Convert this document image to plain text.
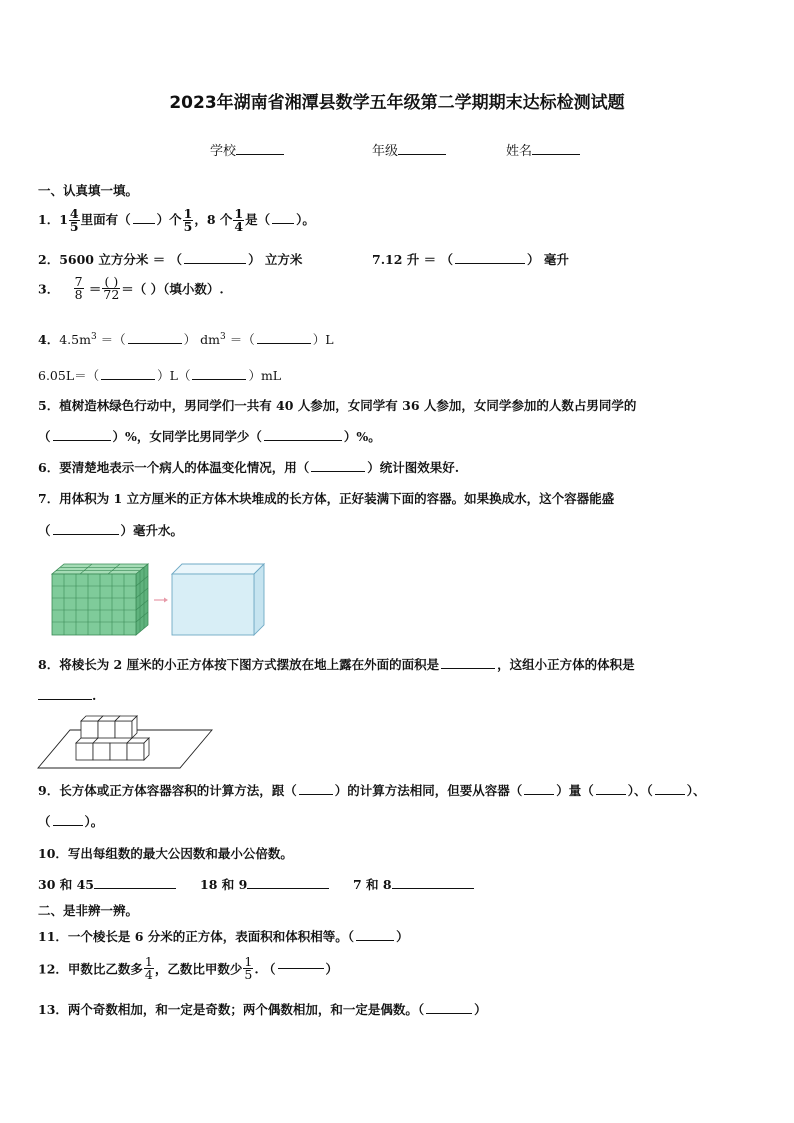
2023年湖南省湘潭县数学五年级第二学期期末达标检测试题
学校	年级	姓名
一、认真填一填。
1．$1 \frac{4}{5}$ 里面有（ ）个 $\frac{1}{5}$ ，8 个 $\frac{1}{4}$ 是（ ）。
2．5600 立方分米 ＝ （	） 立方米	7.12 升 ＝ （	） 毫升
3． $\frac{7}{8} = \frac{( )}{72}$ ＝（ ）（填小数）.
4．$4.5m^3$ ＝（	） $dm^3$ ＝（	）L
6.05L＝（	）L（	）mL
5．植树造林绿色行动中，男同学们一共有 40 人参加，女同学有 36 人参加，女同学参加的人数占男同学的
（	）%，女同学比男同学少（	）%。
6．要清楚地表示一个病人的体温变化情况，用（	）统计图效果好.
7．用体积为 1 立方厘米的正方体木块堆成的长方体，正好装满下面的容器。如果换成水，这个容器能盛
（	）毫升水。
8．将棱长为 2 厘米的小正方体按下图方式摆放在地上露在外面的面积是	，这组小正方体的体积是
.
9．长方体或正方体容器容积的计算方法，跟（	）的计算方法相同，但要从容器（	）量（	）、（	）、
（	）。
10．写出每组数的最大公因数和最小公倍数。
30 和 45	18 和 9	7 和 8
二、是非辨一辨。
11．一个棱长是 6 分米的正方体，表面积和体积相等。（	）
12．甲数比乙数多 $\frac{1}{4}$ ，乙数比甲数少 $\frac{1}{5}$ . （	）
13．两个奇数相加，和一定是奇数；两个偶数相加，和一定是偶数。（	）
